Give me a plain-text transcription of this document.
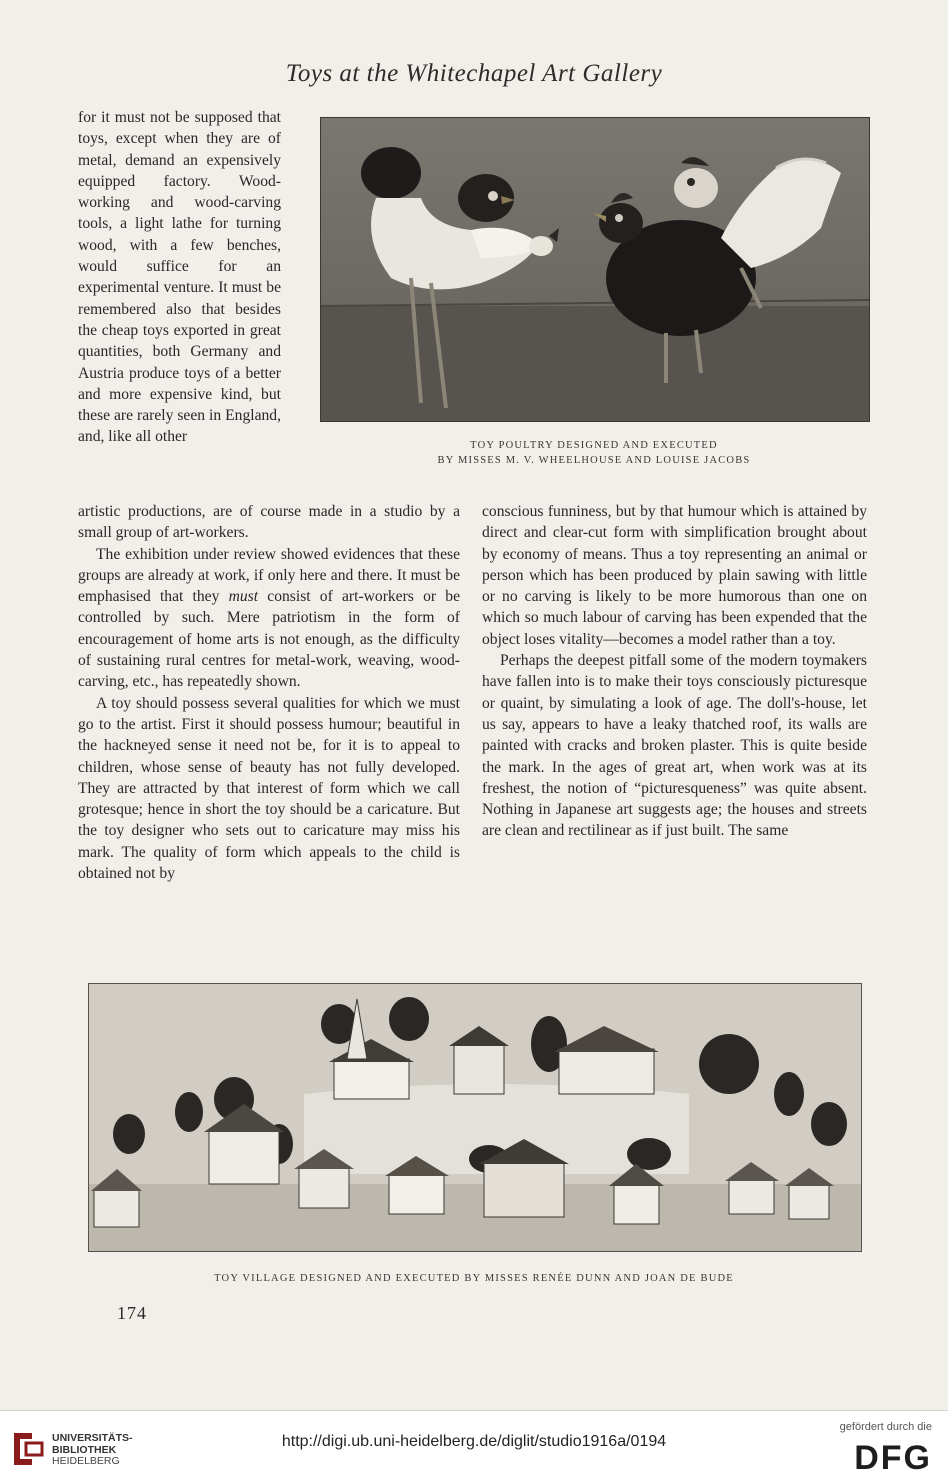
Toys at the Whitechapel Art Gallery

for it must not be supposed that toys, except when they are of metal, demand an expensively equipped factory. Wood-working and wood-carving tools, a light lathe for turning wood, with a few benches, would suffice for an experimental venture. It must be remembered also that besides the cheap toys exported in great quantities, both Germany and Austria produce toys of a better and more expensive kind, but these are rarely seen in England, and, like all other

TOY POULTRY DESIGNED AND EXECUTED
BY MISSES M. V. WHEELHOUSE AND LOUISE JACOBS

artistic productions, are of course made in a studio by a small group of art-workers.

The exhibition under review showed evidences that these groups are already at work, if only here and there. It must be emphasised that they must consist of art-workers or be controlled by such. Mere patriotism in the form of encouragement of home arts is not enough, as the difficulty of sustaining rural centres for metal-work, weaving, wood-carving, etc., has repeatedly shown.

A toy should possess several qualities for which we must go to the artist. First it should possess humour; beautiful in the hackneyed sense it need not be, for it is to appeal to children, whose sense of beauty has not fully developed. They are attracted by that interest of form which we call grotesque; hence in short the toy should be a caricature. But the toy designer who sets out to caricature may miss his mark. The quality of form which appeals to the child is obtained not by

conscious funniness, but by that humour which is attained by direct and clear-cut form with simplification brought about by economy of means. Thus a toy representing an animal or person which has been produced by plain sawing with little or no carving is likely to be more humorous than one on which so much labour of carving has been expended that the object loses vitality—becomes a model rather than a toy.

Perhaps the deepest pitfall some of the modern toymakers have fallen into is to make their toys consciously picturesque or quaint, by simulating a look of age. The doll's-house, let us say, appears to have a leaky thatched roof, its walls are painted with cracks and broken plaster. This is quite beside the mark. In the ages of great art, when work was at its freshest, the notion of “picturesqueness” was quite absent. Nothing in Japanese art suggests age; the houses and streets are clean and rectilinear as if just built. The same

TOY VILLAGE DESIGNED AND EXECUTED BY MISSES RENÉE DUNN AND JOAN DE BUDE
174
UNIVERSITÄTS-
BIBLIOTHEK
HEIDELBERG
http://digi.ub.uni-heidelberg.de/diglit/studio1916a/0194
gefördert durch die
DFG
